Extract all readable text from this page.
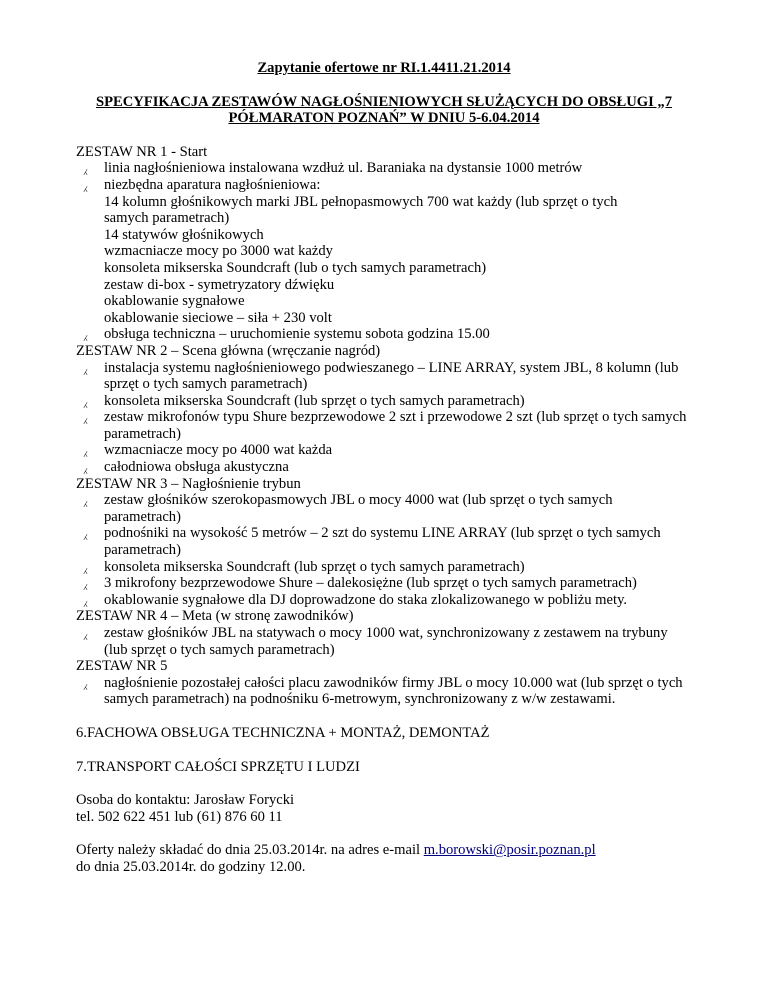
Zapytanie ofertowe nr RI.1.4411.21.2014

SPECYFIKACJA ZESTAWÓW NAGŁOŚNIENIOWYCH SŁUŻĄCYCH DO OBSŁUGI „7
PÓŁMARATON POZNAŃ” W DNIU 5-6.04.2014

ZESTAW NR 1 - Start

⁁ linia nagłośnieniowa instalowana wzdłuż ul. Baraniaka na dystansie 1000 metrów
⁁ niezbędna aparatura nagłośnieniowa:
14 kolumn głośnikowych marki JBL pełnopasmowych 700 wat każdy (lub sprzęt o tych
samych parametrach)
14 statywów głośnikowych
wzmacniacze mocy po 3000 wat każdy
konsoleta mikserska Soundcraft (lub o tych samych parametrach)
zestaw di-box - symetryzatory dźwięku
okablowanie sygnałowe
okablowanie sieciowe – siła + 230 volt
⁁ obsługa techniczna – uruchomienie systemu sobota godzina 15.00

ZESTAW NR 2 – Scena główna (wręczanie nagród)

⁁ instalacja systemu nagłośnieniowego podwieszanego – LINE ARRAY, system JBL, 8 kolumn (lub sprzęt o tych samych parametrach)
⁁ konsoleta mikserska Soundcraft (lub sprzęt o tych samych parametrach)
⁁ zestaw mikrofonów typu Shure bezprzewodowe 2 szt i przewodowe 2 szt (lub sprzęt o tych samych parametrach)
⁁ wzmacniacze mocy po 4000 wat każda
⁁ całodniowa obsługa akustyczna

ZESTAW NR 3 – Nagłośnienie trybun

⁁ zestaw głośników szerokopasmowych JBL o mocy 4000 wat (lub sprzęt o tych samych parametrach)
⁁ podnośniki na wysokość 5 metrów – 2 szt do systemu LINE ARRAY (lub sprzęt o tych samych parametrach)
⁁ konsoleta mikserska Soundcraft (lub sprzęt o tych samych parametrach)
⁁ 3 mikrofony bezprzewodowe Shure – dalekosiężne (lub sprzęt o tych samych parametrach)
⁁ okablowanie sygnałowe dla DJ doprowadzone do staka zlokalizowanego w pobliżu mety.

ZESTAW NR 4 – Meta (w stronę zawodników)

⁁ zestaw głośników JBL na statywach o mocy 1000 wat, synchronizowany z zestawem na trybuny (lub sprzęt o tych samych parametrach)

ZESTAW NR 5

⁁ nagłośnienie pozostałej całości placu zawodników firmy JBL o mocy 10.000 wat (lub sprzęt o tych samych parametrach) na podnośniku 6-metrowym, synchronizowany z w/w zestawami.

6.FACHOWA OBSŁUGA TECHNICZNA + MONTAŻ, DEMONTAŻ

7.TRANSPORT CAŁOŚCI SPRZĘTU I LUDZI

Osoba do kontaktu: Jarosław Forycki
tel. 502 622 451 lub (61) 876 60 11
Oferty należy składać do dnia 25.03.2014r. na adres e-mail m.borowski@posir.poznan.pl
do dnia 25.03.2014r. do godziny 12.00.
